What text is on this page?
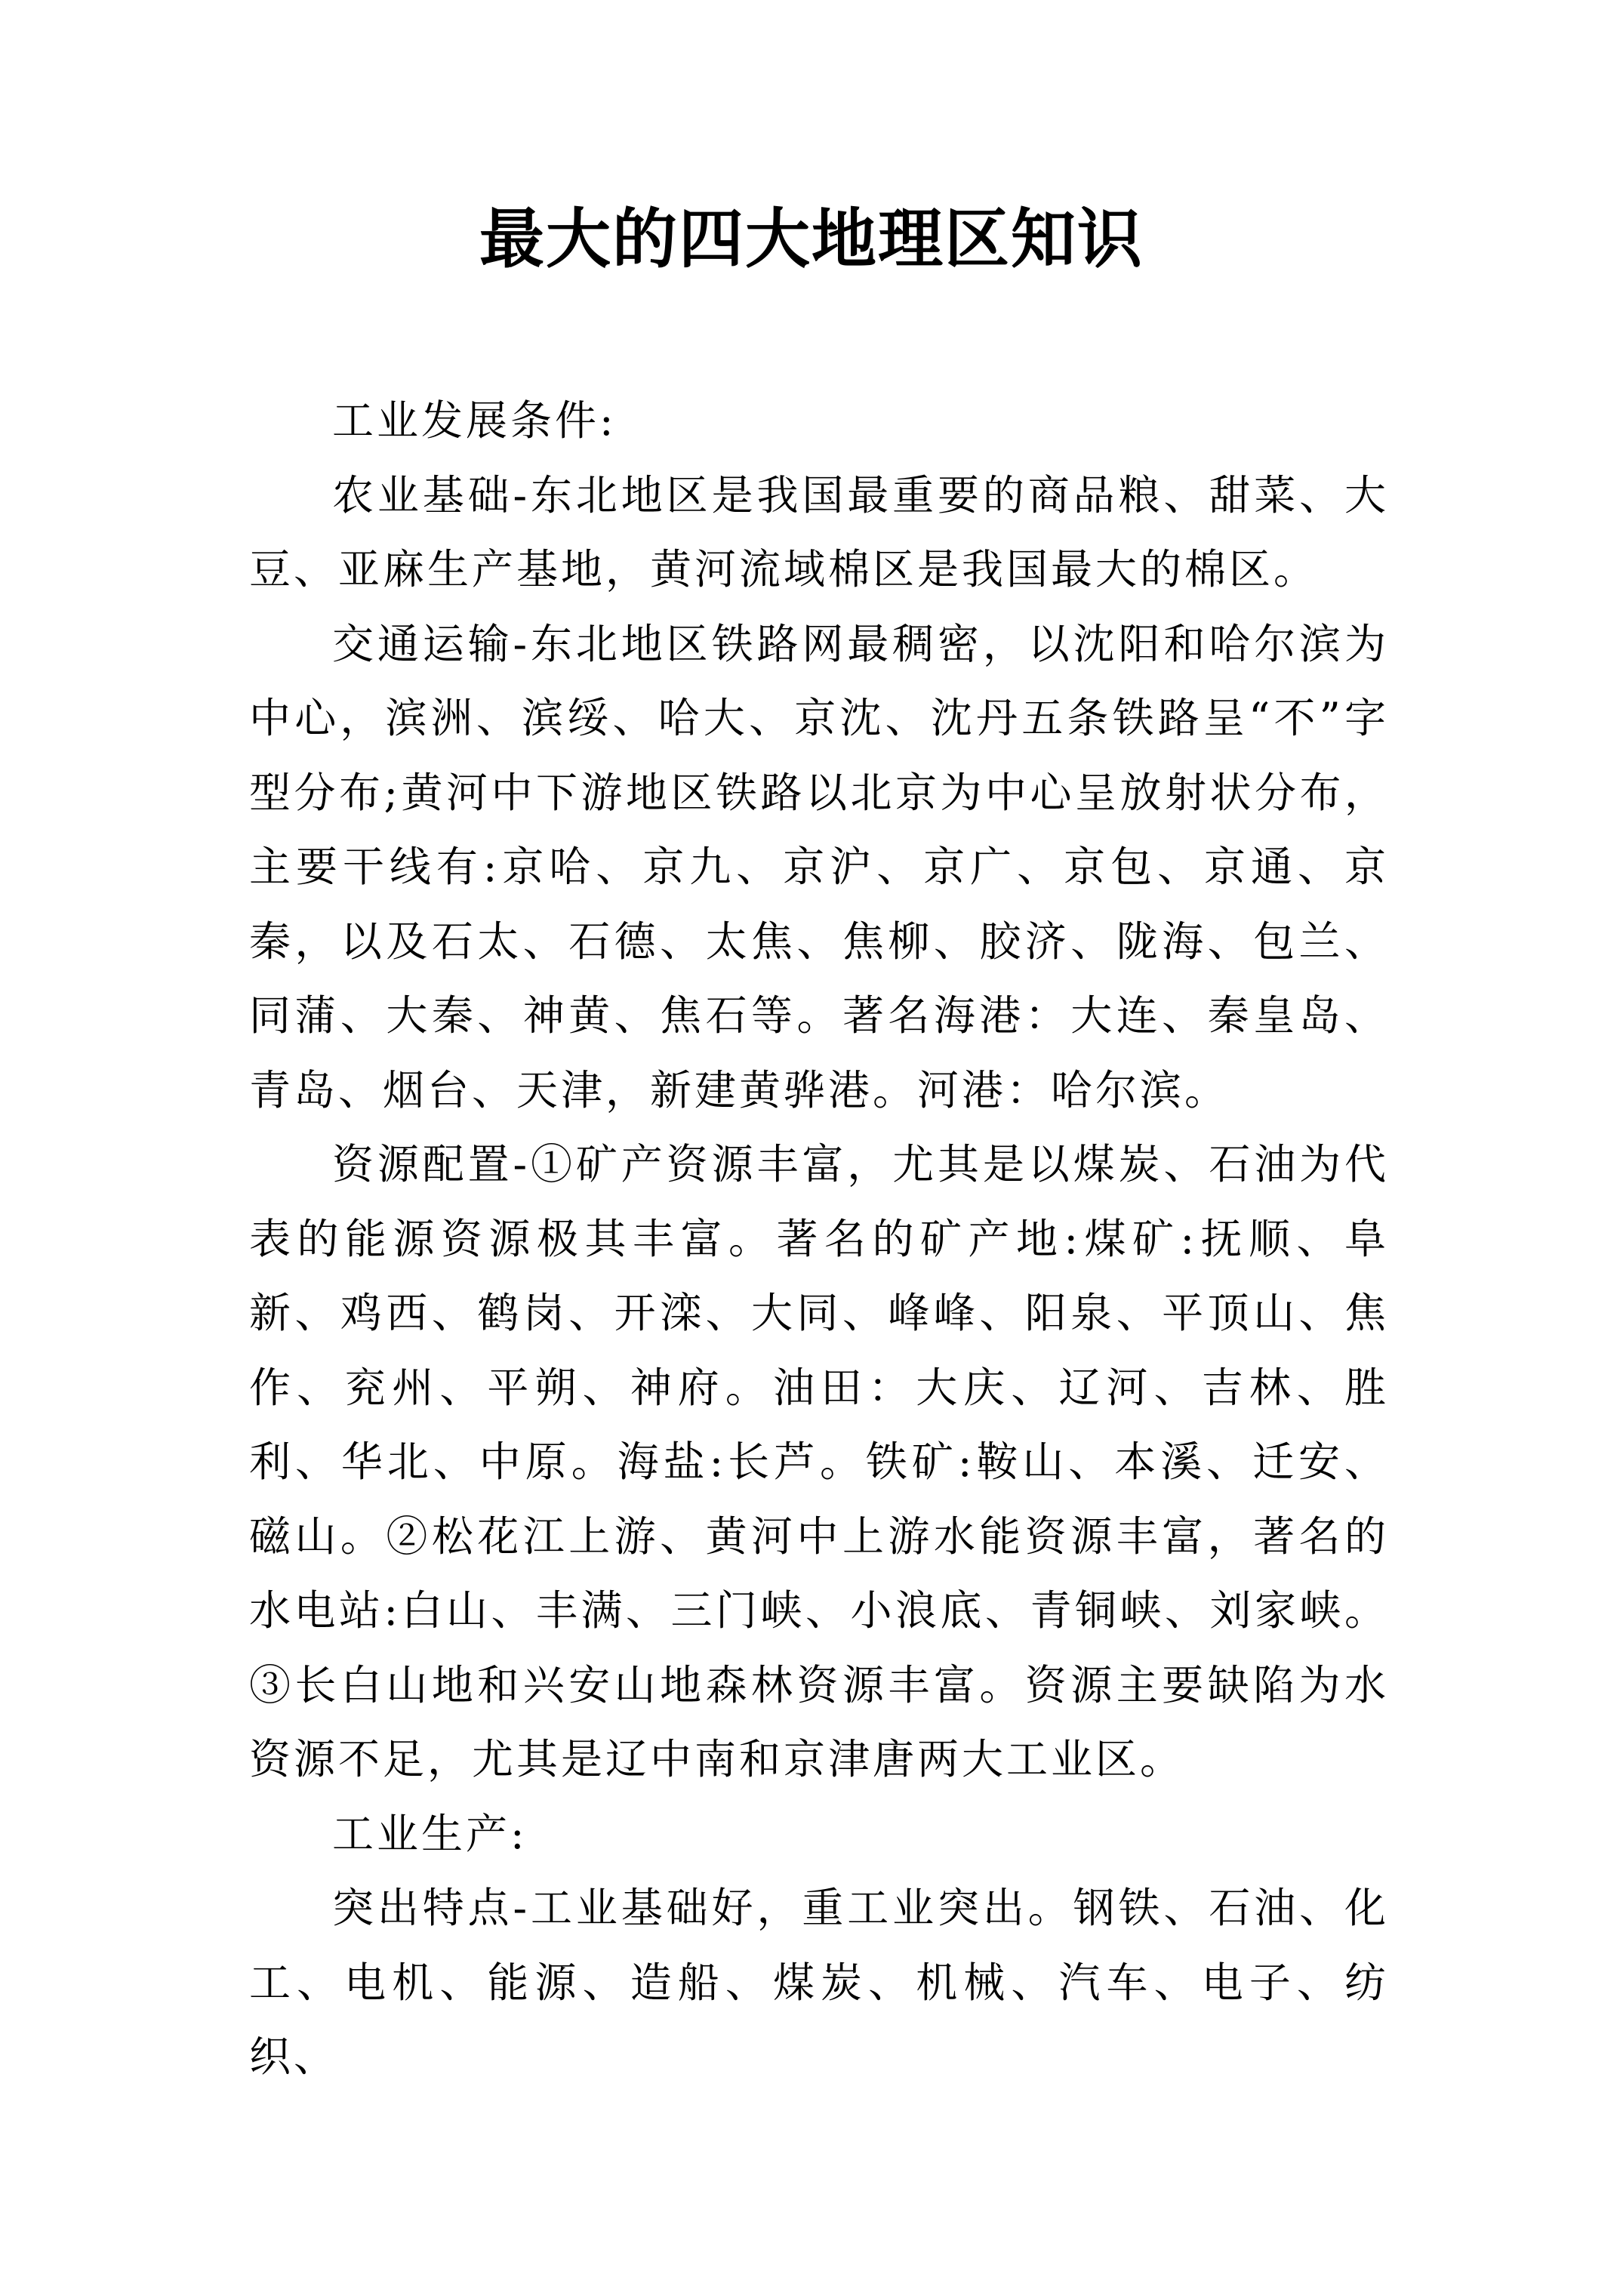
最大的四大地理区知识

工业发展条件:

农业基础-东北地区是我国最重要的商品粮、甜菜、大豆、亚麻生产基地，黄河流域棉区是我国最大的棉区。

交通运输-东北地区铁路网最稠密，以沈阳和哈尔滨为中心，滨洲、滨绥、哈大、京沈、沈丹五条铁路呈“不”字型分布;黄河中下游地区铁路以北京为中心呈放射状分布，主要干线有:京哈、京九、京沪、京广、京包、京通、京秦，以及石太、石德、太焦、焦柳、胶济、陇海、包兰、同蒲、大秦、神黄、焦石等。著名海港：大连、秦皇岛、青岛、烟台、天津，新建黄骅港。河港：哈尔滨。

资源配置-①矿产资源丰富，尤其是以煤炭、石油为代表的能源资源极其丰富。著名的矿产地:煤矿:抚顺、阜新、鸡西、鹤岗、开滦、大同、峰峰、阳泉、平顶山、焦作、兖州、平朔、神府。油田：大庆、辽河、吉林、胜利、华北、中原。海盐:长芦。铁矿:鞍山、本溪、迁安、磁山。②松花江上游、黄河中上游水能资源丰富，著名的水电站:白山、丰满、三门峡、小浪底、青铜峡、刘家峡。③长白山地和兴安山地森林资源丰富。资源主要缺陷为水资源不足，尤其是辽中南和京津唐两大工业区。

工业生产:

突出特点-工业基础好，重工业突出。钢铁、石油、化工、电机、能源、造船、煤炭、机械、汽车、电子、纺织、
